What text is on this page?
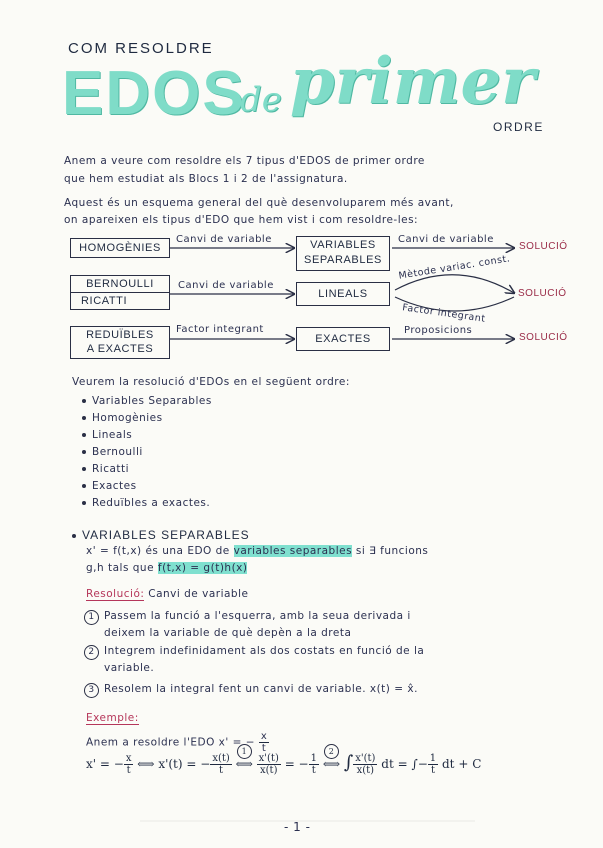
COM RESOLDRE
EDOS
de primer
ORDRE
Anem a veure com resoldre els 7 tipus d'EDOS de primer ordre
que hem estudiat als Blocs 1 i 2 de l'assignatura.
Aquest és un esquema general del què desenvoluparem més avant,
on apareixen els tipus d'EDO que hem vist i com resoldre-les:
HOMOGÈNIES
Canvi de variable	VARIABLES
SEPARABLES
Canvi de variable
SOLUCIÓ
BERNOULLI
RICATTI
Canvi de variable
LINEALS
Mètode variac. const.
Factor integrant
SOLUCIÓ
REDUÏBLES
A EXACTES
Factor integrant
EXACTES
Proposicions
SOLUCIÓ
Veurem la resolució d'EDOs en el següent ordre:
Variables Separables
Homogènies
Lineals
Bernoulli
Ricatti
Exactes
Reduïbles a exactes.
VARIABLES SEPARABLES
x' = f(t,x) és una EDO de variables separables si ∃ funcions
g,h tals que f(t,x) = g(t)h(x)
Resolució: Canvi de variable
1 Passem la funció a l'esquerra, amb la seua derivada i
deixem la variable de què depèn a la dreta
2 Integrem indefinidament als dos costats en funció de la
variable.
3 Resolem la integral fent un canvi de variable. x(t) = x̂.
Exemple:
Anem a resoldre l'EDO x' = − $\frac{x}{t}$
x' = − $\frac{x}{t}$ ⟺ x'(t) = − $\frac{x(t)}{t}$

1
⟺ $\frac{x'(t)}{x(t)}$ = − $\frac{1}{t}$

2
⟺ ∫ $\frac{x'(t)}{x(t)}$ dt = ∫− $\frac{1}{t}$ dt + C
- 1 -
